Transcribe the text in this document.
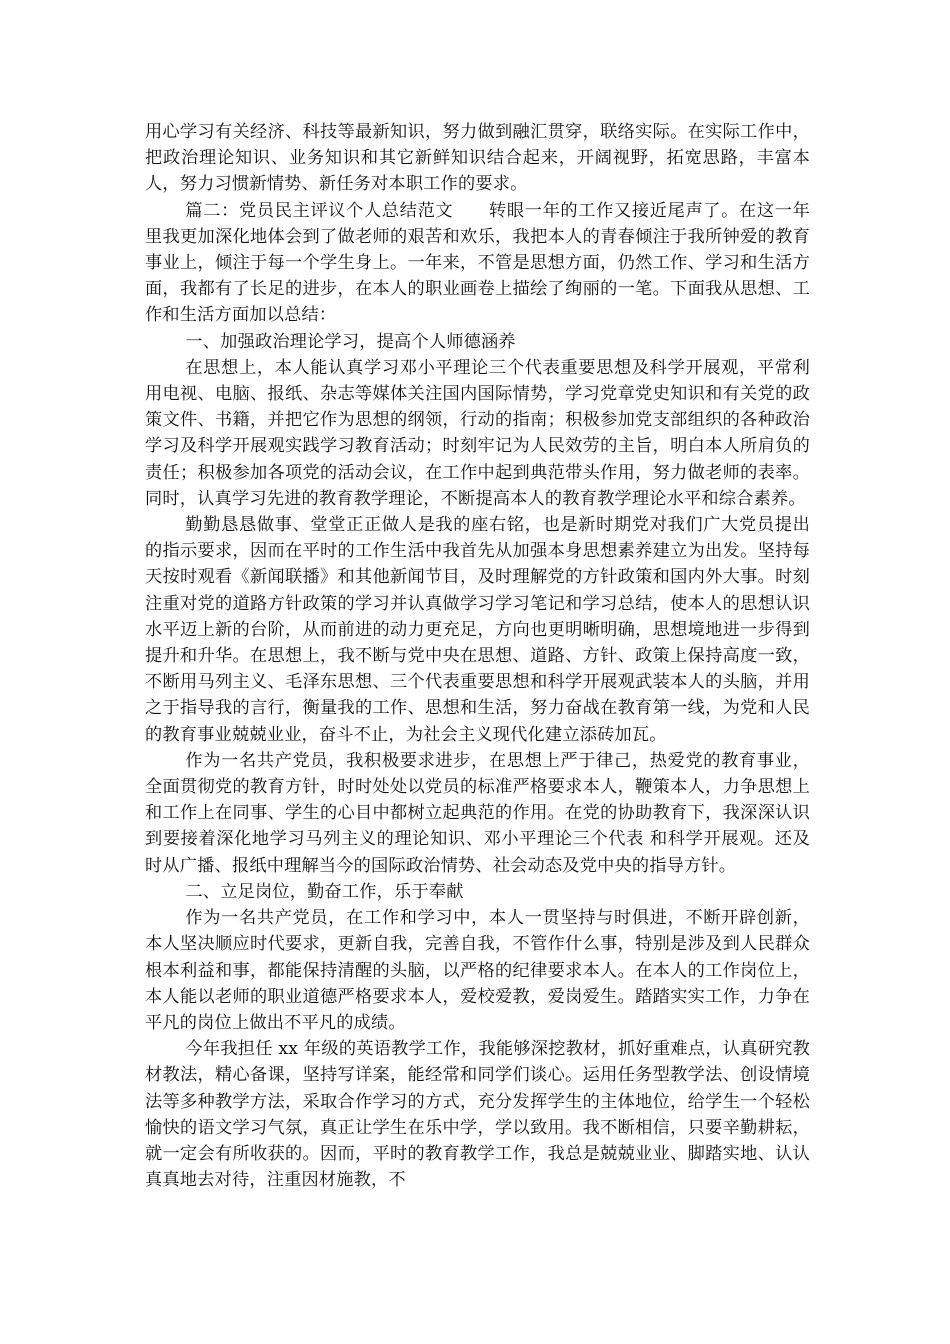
用心学习有关经济、科技等最新知识，努力做到融汇贯穿，联络实际。在实际工作中，把政治理论知识、业务知识和其它新鲜知识结合起来，开阔视野，拓宽思路，丰富本人，努力习惯新情势、新任务对本职工作的要求。

篇二：党员民主评议个人总结范文　　转眼一年的工作又接近尾声了。在这一年里我更加深化地体会到了做老师的艰苦和欢乐，我把本人的青春倾注于我所钟爱的教育事业上，倾注于每一个学生身上。一年来，不管是思想方面，仍然工作、学习和生活方面，我都有了长足的进步，在本人的职业画卷上描绘了绚丽的一笔。下面我从思想、工作和生活方面加以总结：

一、加强政治理论学习，提高个人师德涵养

在思想上，本人能认真学习邓小平理论三个代表重要思想及科学开展观，平常利用电视、电脑、报纸、杂志等媒体关注国内国际情势，学习党章党史知识和有关党的政策文件、书籍，并把它作为思想的纲领，行动的指南；积极参加党支部组织的各种政治学习及科学开展观实践学习教育活动；时刻牢记为人民效劳的主旨，明白本人所肩负的责任；积极参加各项党的活动会议，在工作中起到典范带头作用，努力做老师的表率。同时，认真学习先进的教育教学理论，不断提高本人的教育教学理论水平和综合素养。

勤勤恳恳做事、堂堂正正做人是我的座右铭，也是新时期党对我们广大党员提出的指示要求，因而在平时的工作生活中我首先从加强本身思想素养建立为出发。坚持每天按时观看《新闻联播》和其他新闻节目，及时理解党的方针政策和国内外大事。时刻注重对党的道路方针政策的学习并认真做学习学习笔记和学习总结，使本人的思想认识水平迈上新的台阶，从而前进的动力更充足，方向也更明晰明确，思想境地进一步得到提升和升华。在思想上，我不断与党中央在思想、道路、方针、政策上保持高度一致，不断用马列主义、毛泽东思想、三个代表重要思想和科学开展观武装本人的头脑，并用之于指导我的言行，衡量我的工作、思想和生活，努力奋战在教育第一线，为党和人民的教育事业兢兢业业，奋斗不止，为社会主义现代化建立添砖加瓦。

作为一名共产党员，我积极要求进步，在思想上严于律己，热爱党的教育事业，全面贯彻党的教育方针，时时处处以党员的标准严格要求本人，鞭策本人，力争思想上和工作上在同事、学生的心目中都树立起典范的作用。在党的协助教育下，我深深认识到要接着深化地学习马列主义的理论知识、邓小平理论三个代表 和科学开展观。还及时从广播、报纸中理解当今的国际政治情势、社会动态及党中央的指导方针。

二、立足岗位，勤奋工作，乐于奉献

作为一名共产党员，在工作和学习中，本人一贯坚持与时俱进，不断开辟创新，本人坚决顺应时代要求，更新自我，完善自我，不管作什么事，特别是涉及到人民群众根本利益和事，都能保持清醒的头脑，以严格的纪律要求本人。在本人的工作岗位上，本人能以老师的职业道德严格要求本人，爱校爱教，爱岗爱生。踏踏实实工作，力争在平凡的岗位上做出不平凡的成绩。

今年我担任 xx 年级的英语教学工作，我能够深挖教材，抓好重难点，认真研究教材教法，精心备课，坚持写详案，能经常和同学们谈心。运用任务型教学法、创设情境法等多种教学方法，采取合作学习的方式，充分发挥学生的主体地位，给学生一个轻松愉快的语文学习气氛，真正让学生在乐中学，学以致用。我不断相信，只要辛勤耕耘，就一定会有所收获的。因而，平时的教育教学工作，我总是兢兢业业、脚踏实地、认认真真地去对待，注重因材施教，不
